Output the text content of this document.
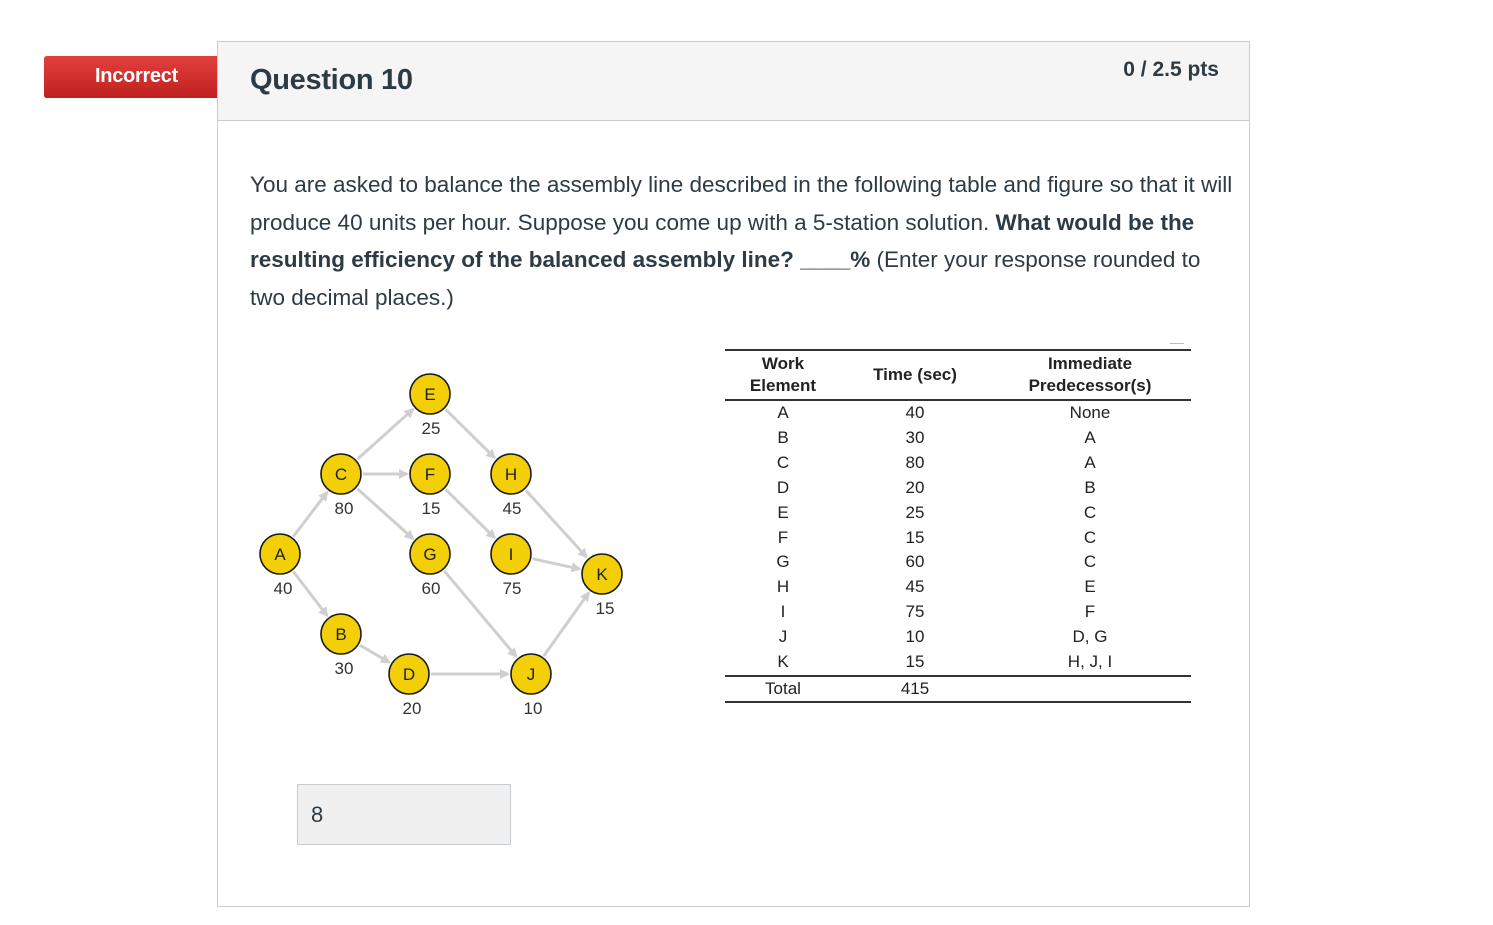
Incorrect	Question 10	0 / 2.5 pts
You are asked to balance the assembly line described in the following table and figure so that it will produce 40 units per hour. Suppose you come up with a 5-station solution. What would be the resulting efficiency of the balanced assembly line? ____% (Enter your response rounded to two decimal places.)
A
40
B
30
C
80
D
20
E
25
F
15
G
60
H
45
I
75
J
10
K
15
Work
Element	Time (sec)	Immediate
Predecessor(s)
A	40	None
B	30	A
C	80	A
D	20	B
E	25	C
F	15	C
G	60	C
H	45	E
I	75	F
J	10	D, G
K	15	H, J, I
Total	415	
8
